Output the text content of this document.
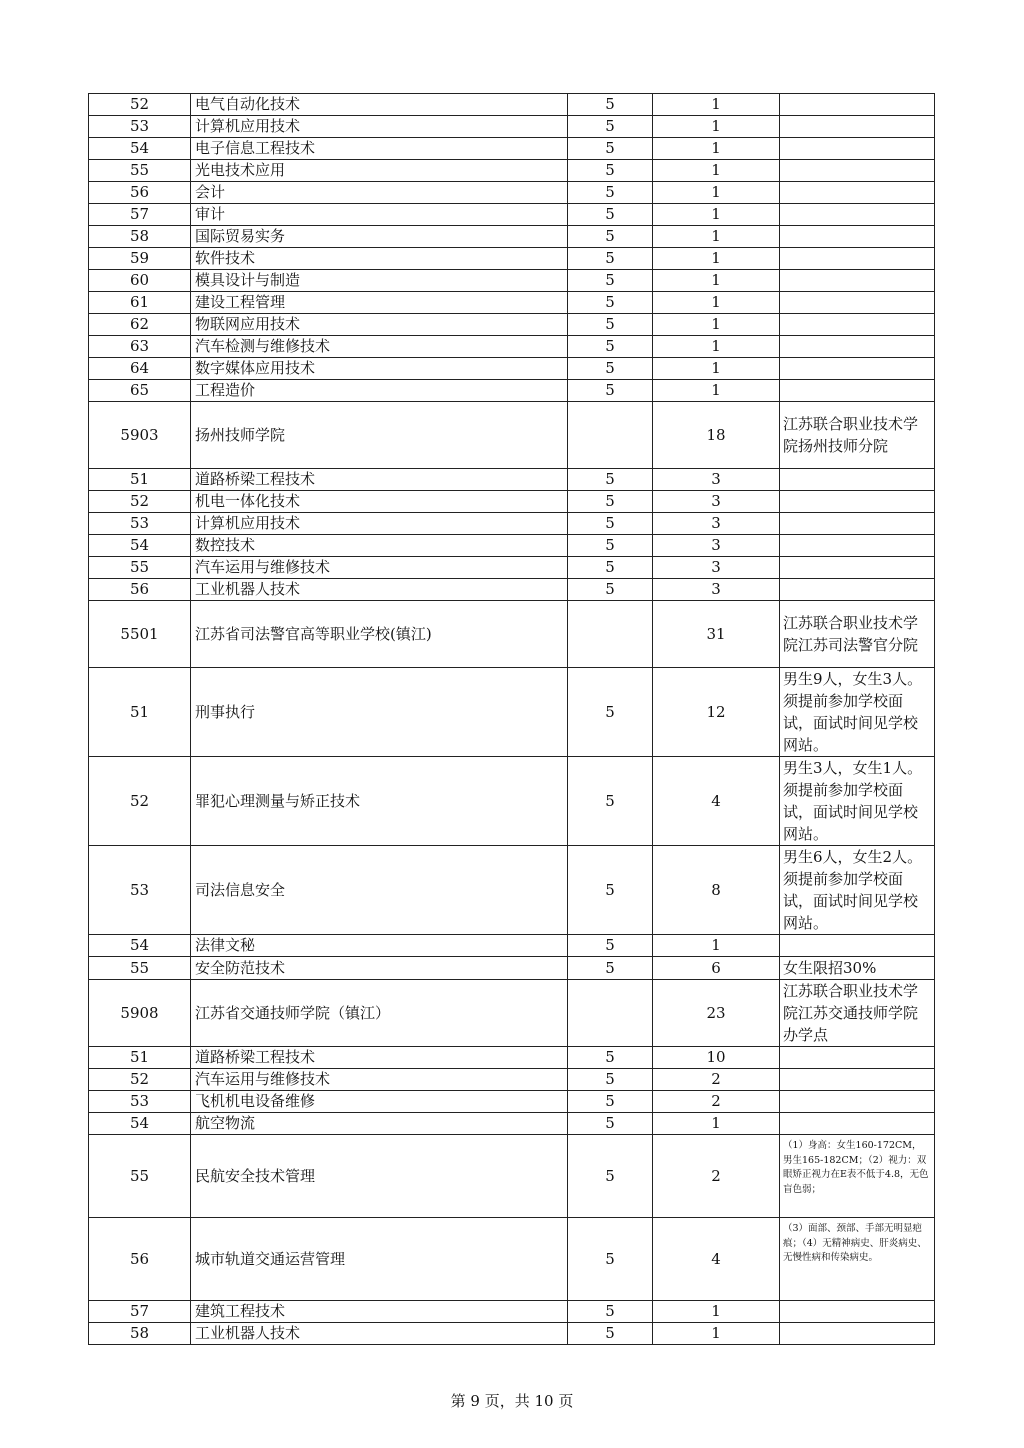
52	电气自动化技术	5	1	
53	计算机应用技术	5	1	
54	电子信息工程技术	5	1	
55	光电技术应用	5	1	
56	会计	5	1	
57	审计	5	1	
58	国际贸易实务	5	1	
59	软件技术	5	1	
60	模具设计与制造	5	1	
61	建设工程管理	5	1	
62	物联网应用技术	5	1	
63	汽车检测与维修技术	5	1	
64	数字媒体应用技术	5	1	
65	工程造价	5	1	
5903	扬州技师学院		18	江苏联合职业技术学院扬州技师分院
51	道路桥梁工程技术	5	3	
52	机电一体化技术	5	3	
53	计算机应用技术	5	3	
54	数控技术	5	3	
55	汽车运用与维修技术	5	3	
56	工业机器人技术	5	3	
5501	江苏省司法警官高等职业学校(镇江)		31	江苏联合职业技术学院江苏司法警官分院
51	刑事执行	5	12	男生9人，女生3人。须提前参加学校面试，面试时间见学校网站。
52	罪犯心理测量与矫正技术	5	4	男生3人，女生1人。须提前参加学校面试，面试时间见学校网站。
53	司法信息安全	5	8	男生6人，女生2人。须提前参加学校面试，面试时间见学校网站。
54	法律文秘	5	1	
55	安全防范技术	5	6	女生限招30%
5908	江苏省交通技师学院（镇江）		23	江苏联合职业技术学院江苏交通技师学院办学点
51	道路桥梁工程技术	5	10	
52	汽车运用与维修技术	5	2	
53	飞机机电设备维修	5	2	
54	航空物流	5	1	
55	民航安全技术管理	5	2	（1）身高：女生160-172CM，男生165-182CM；（2）视力：双眼矫正视力在E表不低于4.8，无色盲色弱；
56	城市轨道交通运营管理	5	4	（3）面部、颈部、手部无明显疤痕；（4）无精神病史、肝炎病史、无慢性病和传染病史。
57	建筑工程技术	5	1	
58	工业机器人技术	5	1	
第 9 页，共 10 页
